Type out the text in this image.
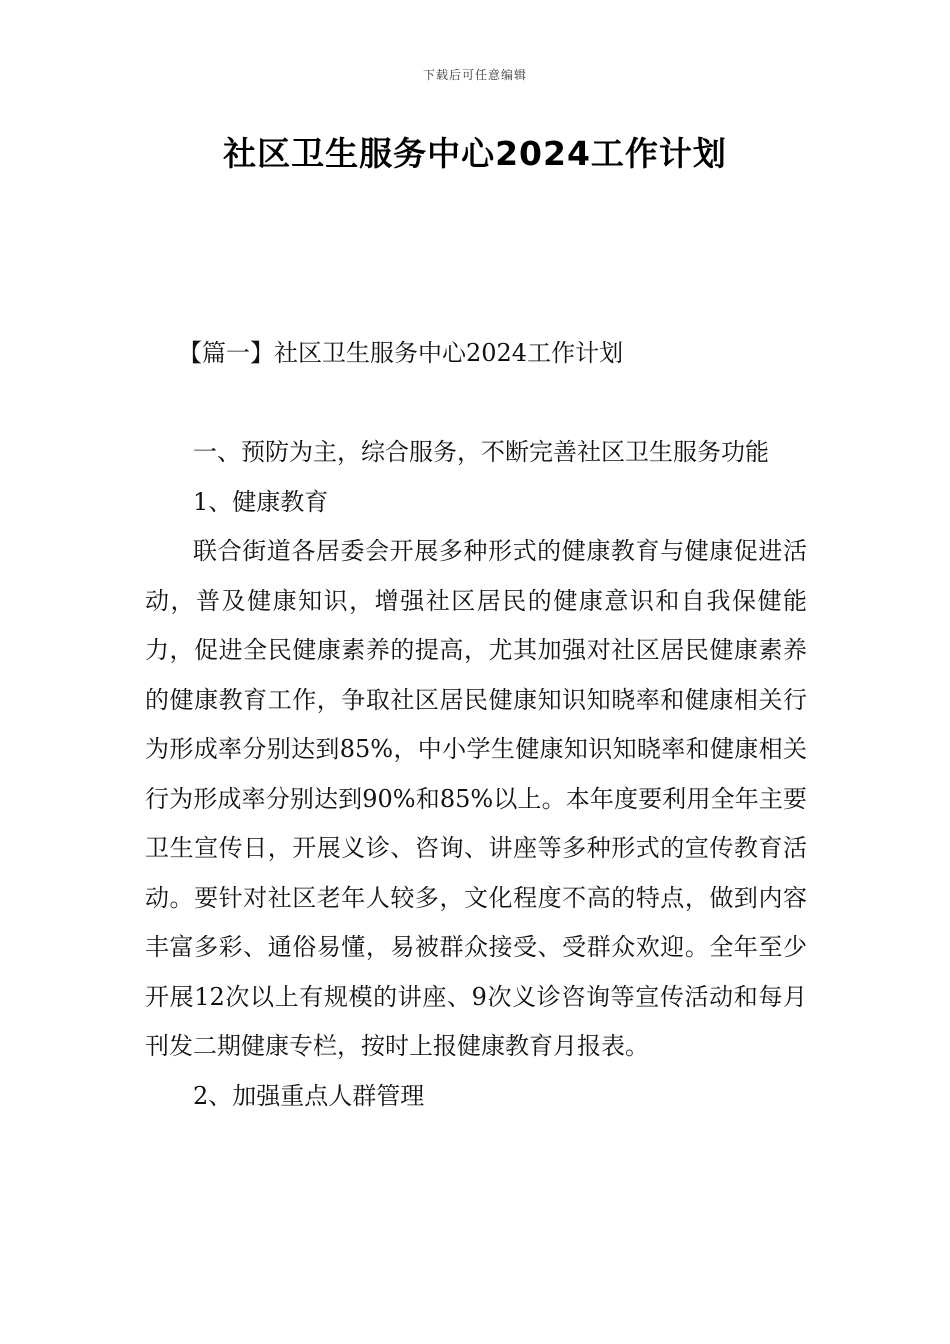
下载后可任意编辑
社区卫生服务中心2024工作计划
【篇一】社区卫生服务中心2024工作计划

一、预防为主，综合服务，不断完善社区卫生服务功能

1、健康教育

联合街道各居委会开展多种形式的健康教育与健康促进活动，普及健康知识，增强社区居民的健康意识和自我保健能力，促进全民健康素养的提高，尤其加强对社区居民健康素养的健康教育工作，争取社区居民健康知识知晓率和健康相关行为形成率分别达到85%，中小学生健康知识知晓率和健康相关行为形成率分别达到90%和85%以上。本年度要利用全年主要卫生宣传日，开展义诊、咨询、讲座等多种形式的宣传教育活动。要针对社区老年人较多，文化程度不高的特点，做到内容丰富多彩、通俗易懂，易被群众接受、受群众欢迎。全年至少开展12次以上有规模的讲座、9次义诊咨询等宣传活动和每月刊发二期健康专栏，按时上报健康教育月报表。

2、加强重点人群管理
